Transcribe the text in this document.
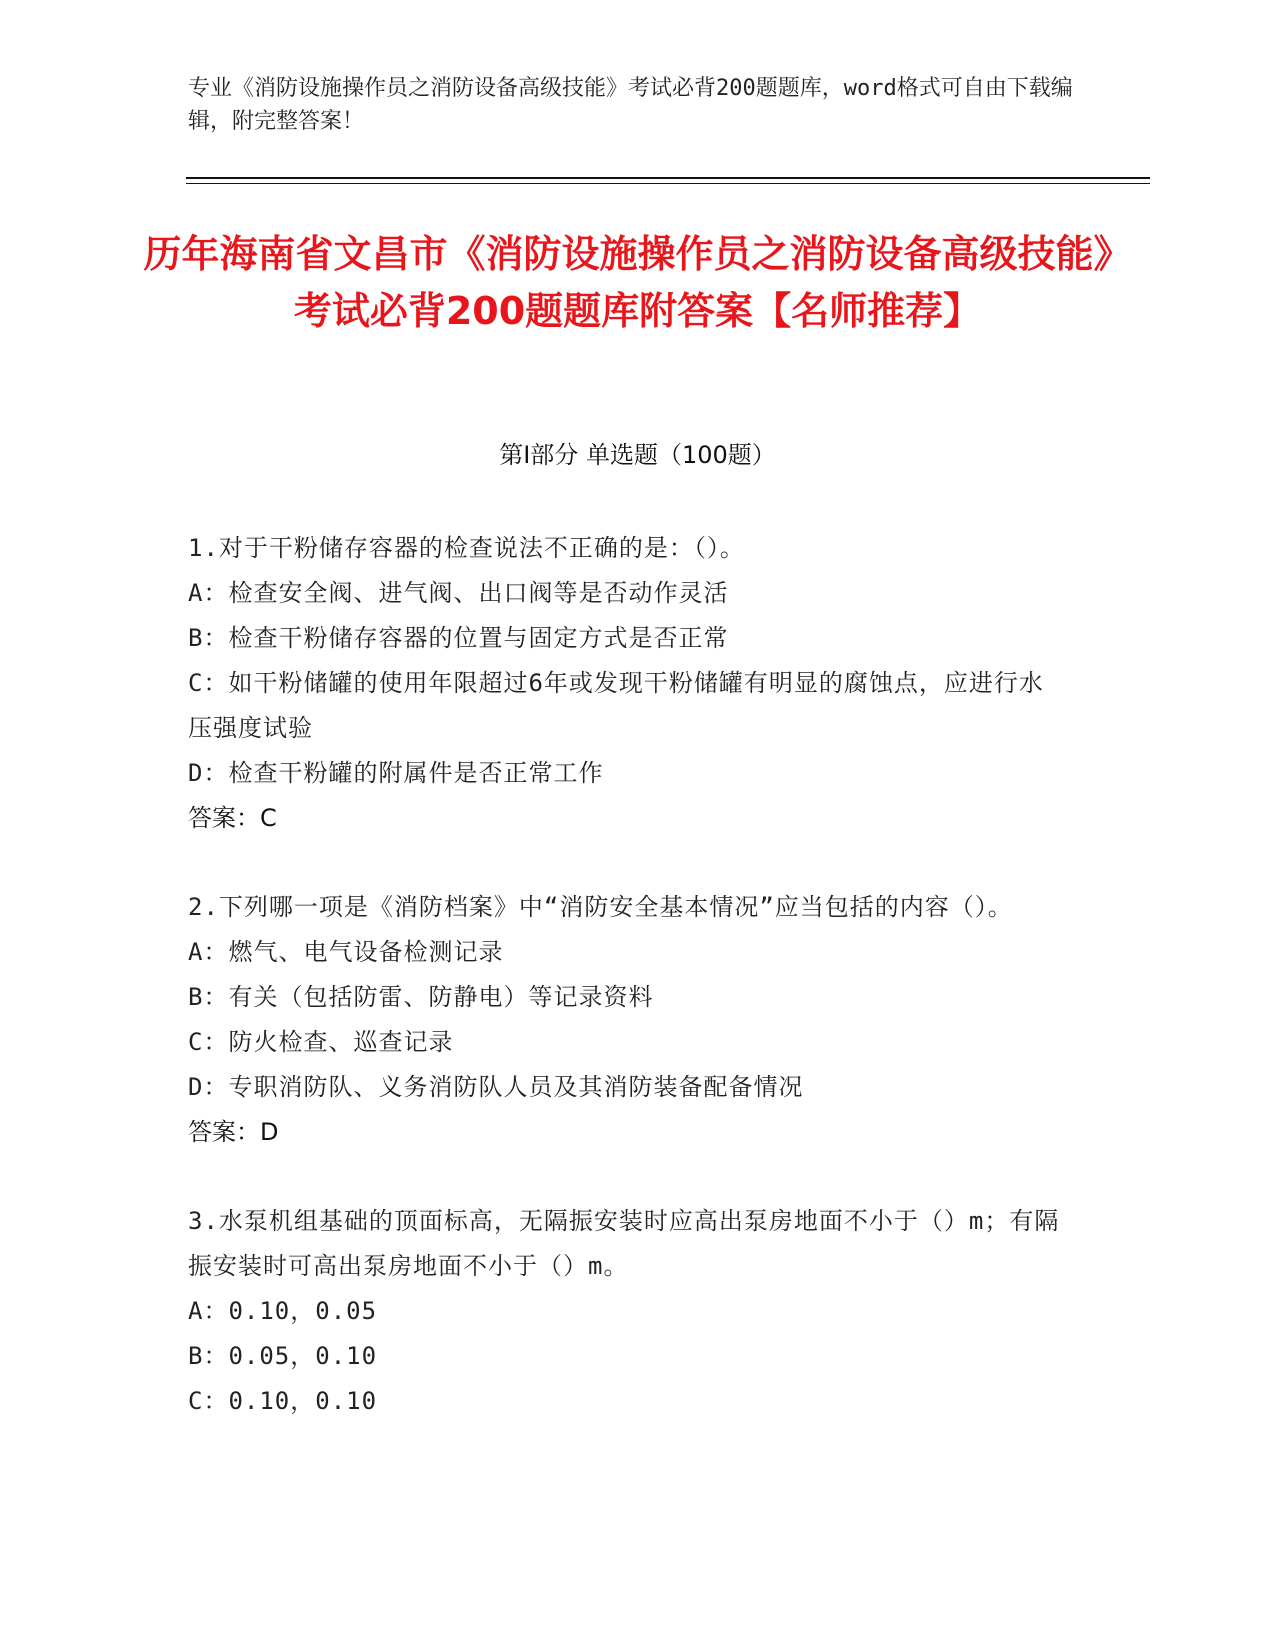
专业《消防设施操作员之消防设备高级技能》考试必背200题题库，word格式可自由下载编辑，附完整答案！
历年海南省文昌市《消防设施操作员之消防设备高级技能》考试必背200题题库附答案【名师推荐】
第I部分 单选题（100题）
1.对于干粉储存容器的检查说法不正确的是：（）。
A：检查安全阀、进气阀、出口阀等是否动作灵活
B：检查干粉储存容器的位置与固定方式是否正常
C：如干粉储罐的使用年限超过6年或发现干粉储罐有明显的腐蚀点，应进行水压强度试验
D：检查干粉罐的附属件是否正常工作
答案：C
2.下列哪一项是《消防档案》中“消防安全基本情况”应当包括的内容（）。
A：燃气、电气设备检测记录
B：有关（包括防雷、防静电）等记录资料
C：防火检查、巡查记录
D：专职消防队、义务消防队人员及其消防装备配备情况
答案：D
3.水泵机组基础的顶面标高，无隔振安装时应高出泵房地面不小于（）m；有隔振安装时可高出泵房地面不小于（）m。
A：0.10，0.05
B：0.05，0.10
C：0.10，0.10
